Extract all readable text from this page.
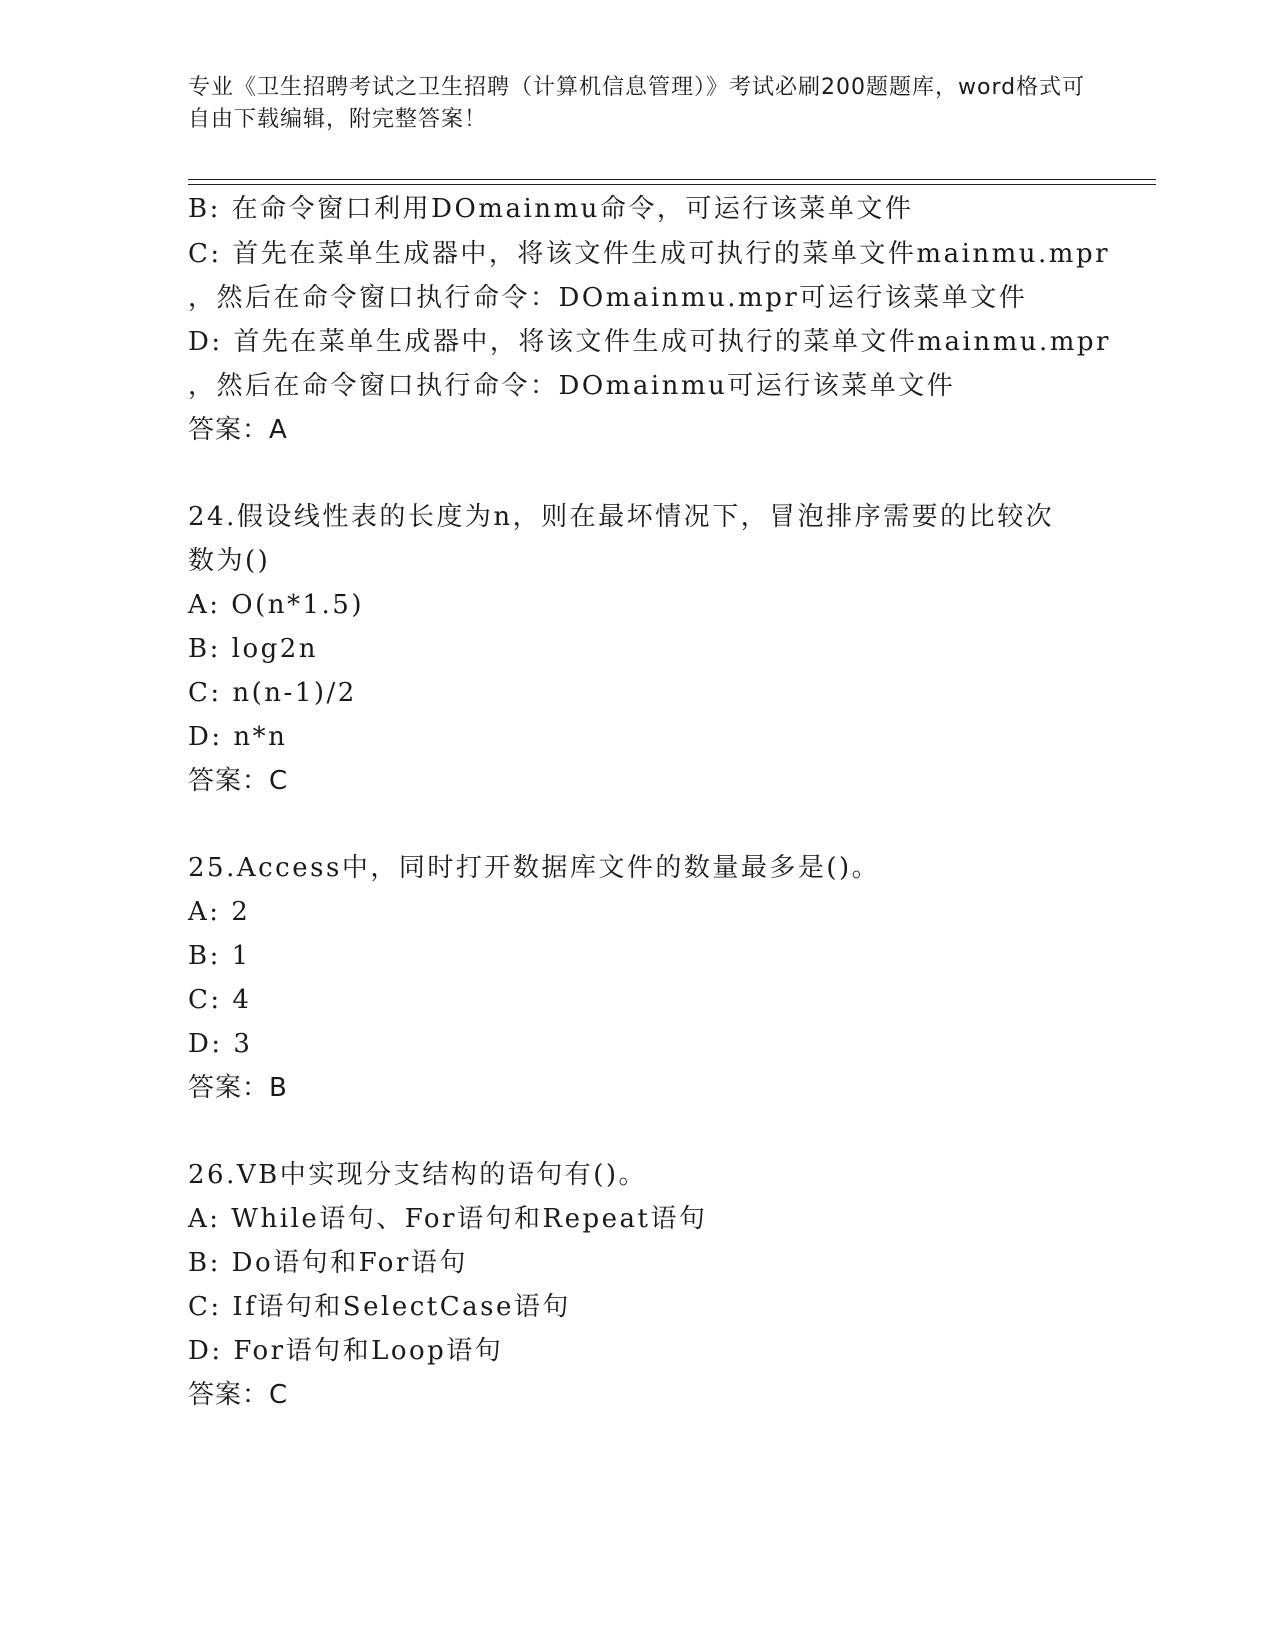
专业《卫生招聘考试之卫生招聘（计算机信息管理）》考试必刷200题题库，word格式可自由下载编辑，附完整答案！
B: 在命令窗口利用DOmainmu命令，可运行该菜单文件
C: 首先在菜单生成器中，将该文件生成可执行的菜单文件mainmu.mpr
，然后在命令窗口执行命令：DOmainmu.mpr可运行该菜单文件
D: 首先在菜单生成器中，将该文件生成可执行的菜单文件mainmu.mpr
，然后在命令窗口执行命令：DOmainmu可运行该菜单文件
答案：A
24.假设线性表的长度为n，则在最坏情况下，冒泡排序需要的比较次
数为()
A: O(n*1.5)
B: log2n
C: n(n-1)/2
D: n*n
答案：C
25.Access中，同时打开数据库文件的数量最多是()。
A: 2
B: 1
C: 4
D: 3
答案：B
26.VB中实现分支结构的语句有()。
A: While语句、For语句和Repeat语句
B: Do语句和For语句
C: If语句和SelectCase语句
D: For语句和Loop语句
答案：C
